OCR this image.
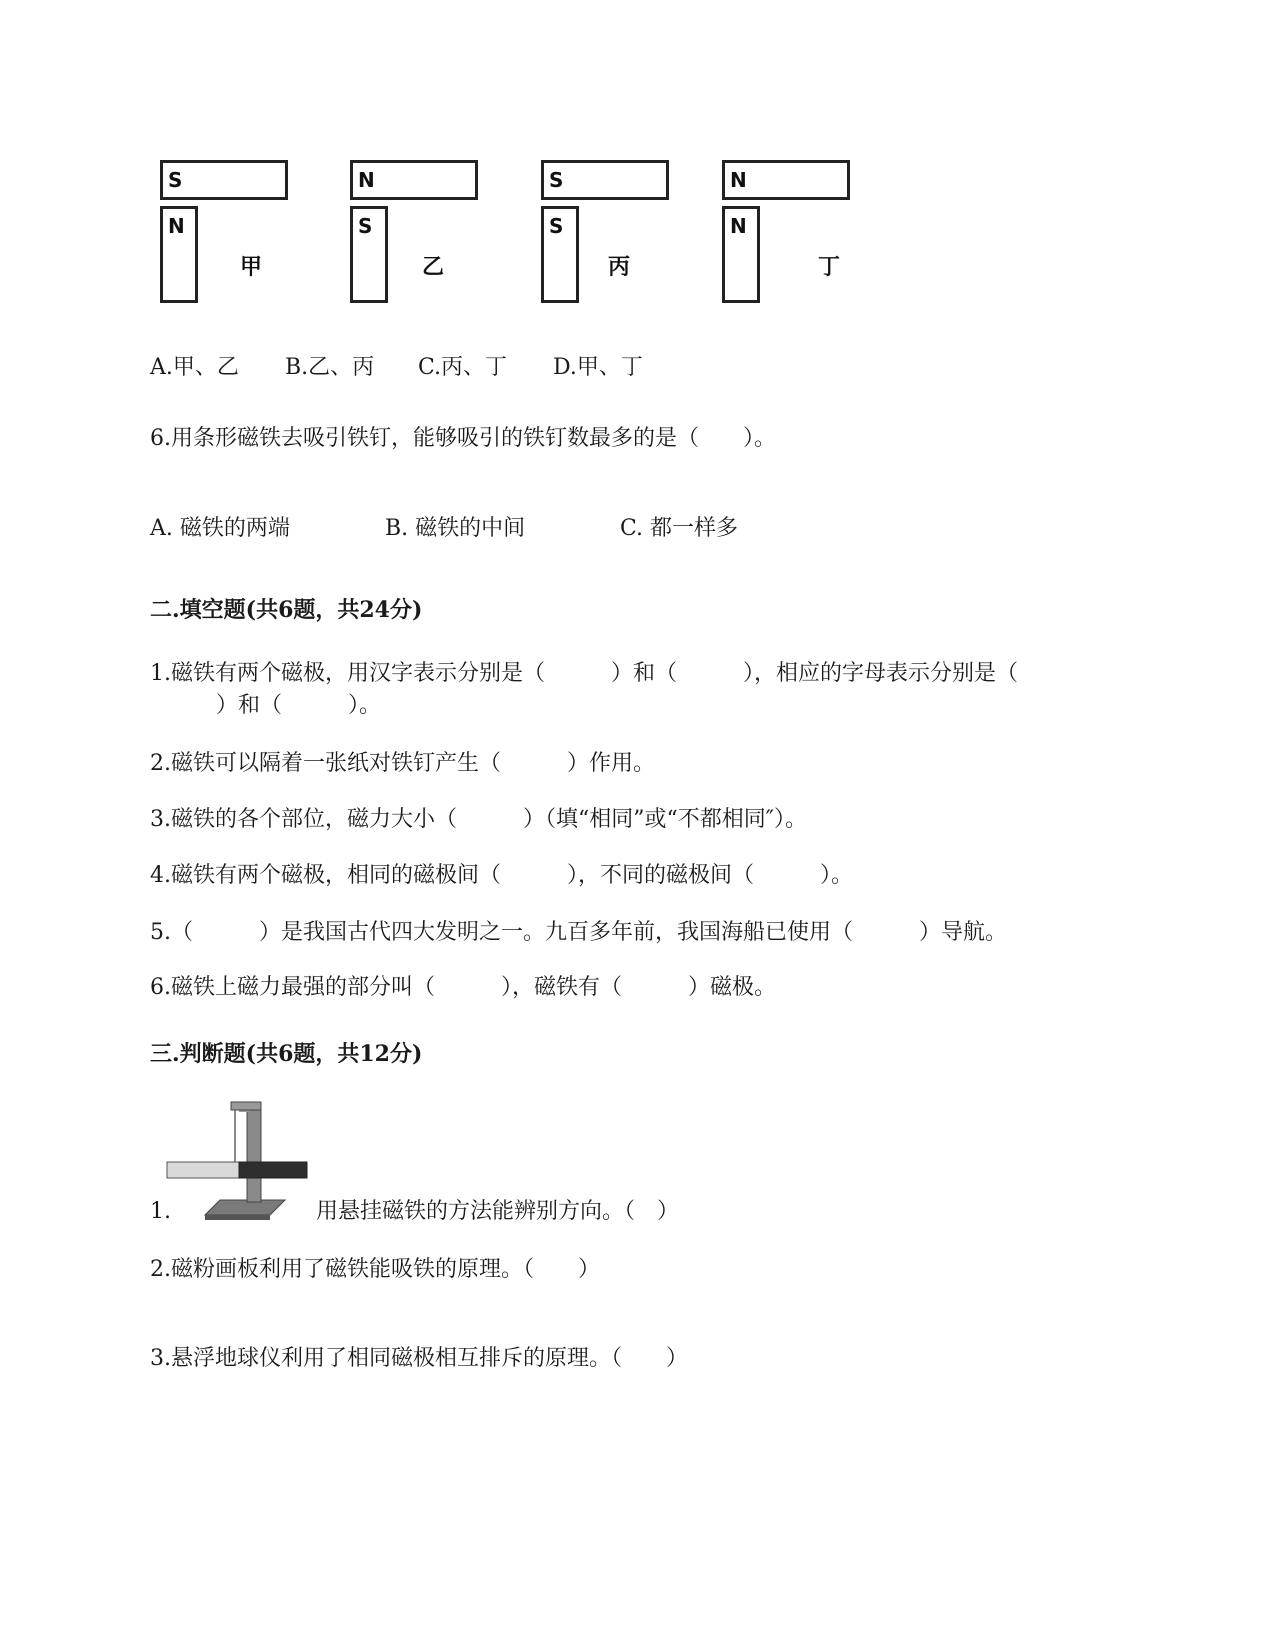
S
N
甲
N
S
乙
S
S
丙
N
N
丁
A.甲、乙 B.乙、丙 C.丙、丁 D.甲、丁
6.用条形磁铁去吸引铁钉，能够吸引的铁钉数最多的是（　　）。
A. 磁铁的两端	B. 磁铁的中间	C. 都一样多
二.填空题(共6题，共24分)
1.磁铁有两个磁极，用汉字表示分别是（　　　）和（　　　），相应的字母表示分别是（
　　　）和（　　　）。
2.磁铁可以隔着一张纸对铁钉产生（　　　）作用。
3.磁铁的各个部位，磁力大小（　　　）（填“相同”或“不都相同″）。
4.磁铁有两个磁极，相同的磁极间（　　　），不同的磁极间（　　　）。
5.（　　　）是我国古代四大发明之一。九百多年前，我国海船已使用（　　　）导航。
6.磁铁上磁力最强的部分叫（　　　），磁铁有（　　　）磁极。
三.判断题(共6题，共12分)
1.	用悬挂磁铁的方法能辨别方向。（　）
2.磁粉画板利用了磁铁能吸铁的原理。（　　）
3.悬浮地球仪利用了相同磁极相互排斥的原理。（　　）
